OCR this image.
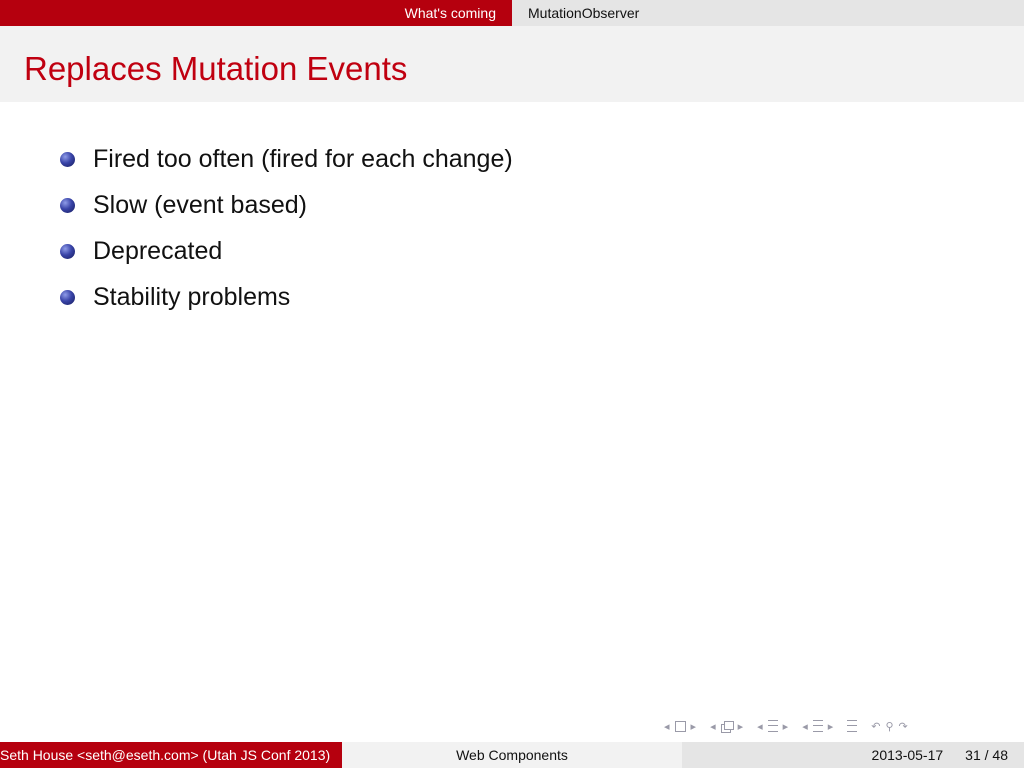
What's coming MutationObserver
Replaces Mutation Events
Fired too often (fired for each change)
Slow (event based)
Deprecated
Stability problems
◂ ▸ ◂ ▸ ◂ ▸ ◂ ▸	↶ ⚲ ↷
Seth House <seth@eseth.com> (Utah JS Conf 2013)	Web Components	2013-05-17 31 / 48
